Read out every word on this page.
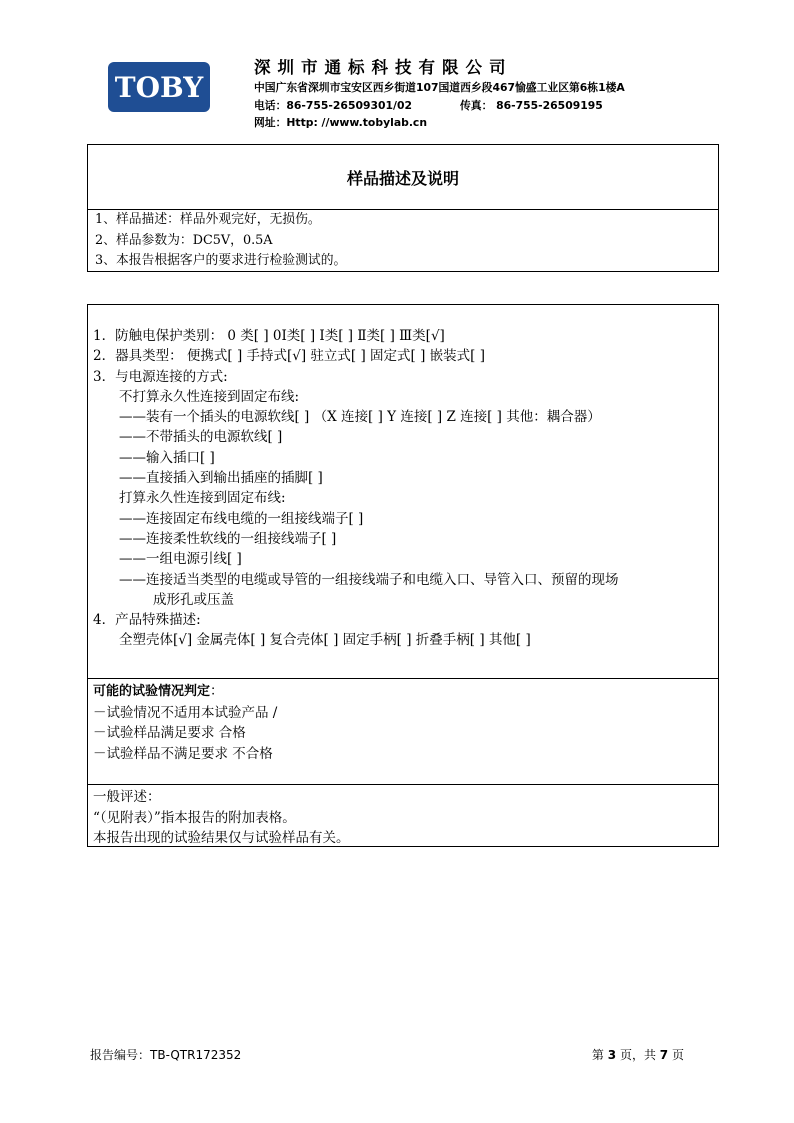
TOBY
深圳市通标科技有限公司
中国广东省深圳市宝安区西乡街道107国道西乡段467愉盛工业区第6栋1楼A
电话：86-755-26509301/02	传真： 86-755-26509195
网址：Http: //www.tobylab.cn
样品描述及说明
1、样品描述：样品外观完好，无损伤。
2、样品参数为：DC5V，0.5A
3、本报告根据客户的要求进行检验测试的。
1．防触电保护类别： 0 类[ ] 0Ⅰ类[ ] Ⅰ类[ ] Ⅱ类[ ] Ⅲ类[√]
2．器具类型： 便携式[ ] 手持式[√] 驻立式[ ] 固定式[ ] 嵌装式[ ]
3．与电源连接的方式:
不打算永久性连接到固定布线:
——装有一个插头的电源软线[ ] （X 连接[ ] Y 连接[ ] Z 连接[ ] 其他：耦合器）
——不带插头的电源软线[ ]
——输入插口[ ]
——直接插入到输出插座的插脚[ ]
打算永久性连接到固定布线:
——连接固定布线电缆的一组接线端子[ ]
——连接柔性软线的一组接线端子[ ]
——一组电源引线[ ]
——连接适当类型的电缆或导管的一组接线端子和电缆入口、导管入口、预留的现场
成形孔或压盖
4．产品特殊描述:
全塑壳体[√] 金属壳体[ ] 复合壳体[ ] 固定手柄[ ] 折叠手柄[ ] 其他[ ]
可能的试验情况判定：
－试验情况不适用本试验产品 /
－试验样品满足要求 合格
－试验样品不满足要求 不合格
一般评述：
“（见附表）”指本报告的附加表格。
本报告出现的试验结果仅与试验样品有关。
报告编号：TB-QTR172352	第 3 页，共 7 页
